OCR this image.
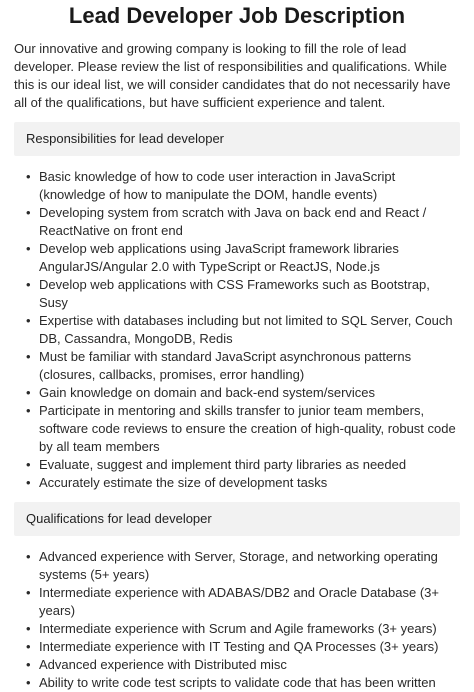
Lead Developer Job Description

Our innovative and growing company is looking to fill the role of lead developer. Please review the list of responsibilities and qualifications. While this is our ideal list, we will consider candidates that do not necessarily have all of the qualifications, but have sufficient experience and talent.

Responsibilities for lead developer
• Basic knowledge of how to code user interaction in JavaScript (knowledge of how to manipulate the DOM, handle events)
• Developing system from scratch with Java on back end and React / ReactNative on front end
• Develop web applications using JavaScript framework libraries AngularJS/Angular 2.0 with TypeScript or ReactJS, Node.js
• Develop web applications with CSS Frameworks such as Bootstrap, Susy
• Expertise with databases including but not limited to SQL Server, Couch DB, Cassandra, MongoDB, Redis
• Must be familiar with standard JavaScript asynchronous patterns (closures, callbacks, promises, error handling)
• Gain knowledge on domain and back-end system/services
• Participate in mentoring and skills transfer to junior team members, software code reviews to ensure the creation of high-quality, robust code by all team members
• Evaluate, suggest and implement third party libraries as needed
• Accurately estimate the size of development tasks
Qualifications for lead developer
• Advanced experience with Server, Storage, and networking operating systems (5+ years)
• Intermediate experience with ADABAS/DB2 and Oracle Database (3+ years)
• Intermediate experience with Scrum and Agile frameworks (3+ years)
• Intermediate experience with IT Testing and QA Processes (3+ years)
• Advanced experience with Distributed misc
• Ability to write code test scripts to validate code that has been written
